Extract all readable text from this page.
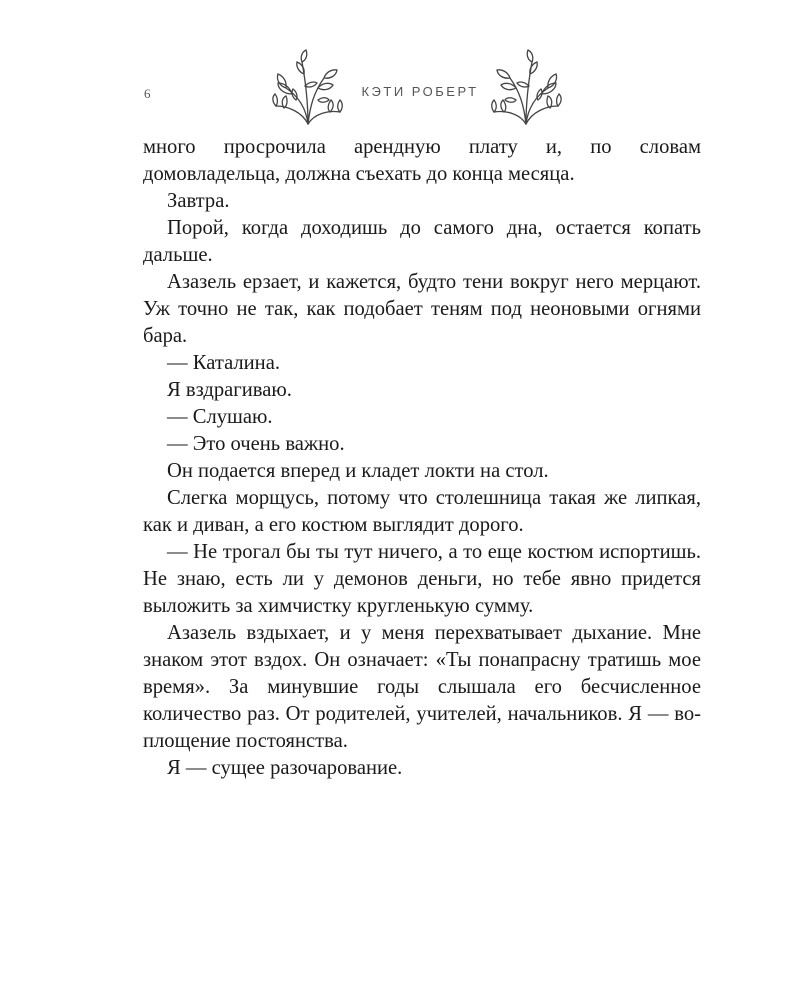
6	КЭТИ РОБЕРТ

много просрочила арендную плату и, по словам домовладельца, должна съехать до конца месяца.

Завтра.

Порой, когда доходишь до самого дна, остается копать дальше.

Азазель ерзает, и кажется, будто тени вокруг него мерцают. Уж точно не так, как подобает теням под неоновыми огнями бара.

— Каталина.

Я вздрагиваю.

— Слушаю.

— Это очень важно.

Он подается вперед и кладет локти на стол.

Слегка морщусь, потому что столешница такая же липкая, как и диван, а его костюм выглядит дорого.

— Не трогал бы ты тут ничего, а то еще костюм испортишь. Не знаю, есть ли у демонов деньги, но тебе явно придется выложить за химчистку кругленькую сумму.

Азазель вздыхает, и у меня перехватывает дыхание. Мне знаком этот вздох. Он означает: «Ты понапрасну тратишь мое время». За минувшие годы слышала его бесчисленное количество раз. От родителей, учителей, начальников. Я — воплощение постоянства.

Я — сущее разочарование.
